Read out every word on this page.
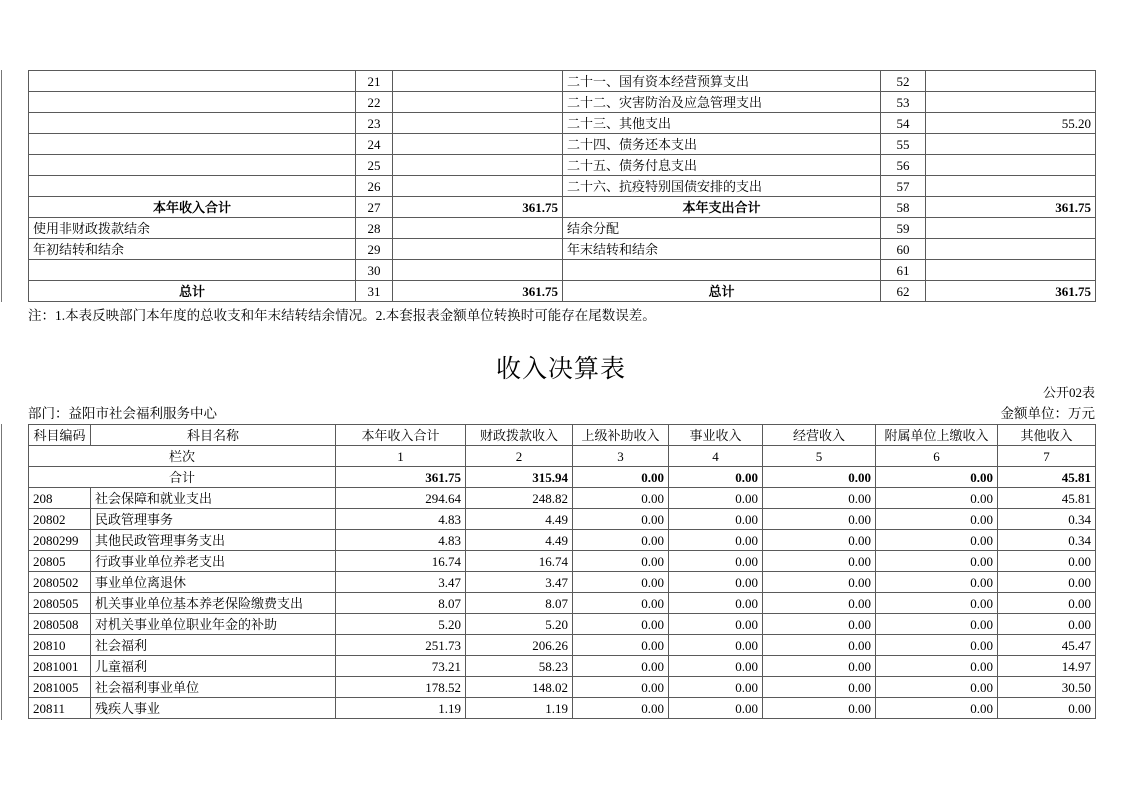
	21		二十一、国有资本经营预算支出	52	
	22		二十二、灾害防治及应急管理支出	53	
	23		二十三、其他支出	54	55.20
	24		二十四、债务还本支出	55	
	25		二十五、债务付息支出	56	
	26		二十六、抗疫特别国债安排的支出	57	
本年收入合计	27	361.75	本年支出合计	58	361.75
使用非财政拨款结余	28		结余分配	59	
年初结转和结余	29		年末结转和结余	60	
	30			61	
总计	31	361.75	总计	62	361.75
注：1.本表反映部门本年度的总收支和年末结转结余情况。2.本套报表金额单位转换时可能存在尾数误差。
收入决算表
公开02表
部门：益阳市社会福利服务中心	金额单位：万元
科目编码	科目名称	本年收入合计	财政拨款收入	上级补助收入	事业收入	经营收入	附属单位上缴收入	其他收入
栏次		1	2	3	4	5	6	7
合计		361.75	315.94	0.00	0.00	0.00	0.00	45.81
208	社会保障和就业支出	294.64	248.82	0.00	0.00	0.00	0.00	45.81
20802	民政管理事务	4.83	4.49	0.00	0.00	0.00	0.00	0.34
2080299	其他民政管理事务支出	4.83	4.49	0.00	0.00	0.00	0.00	0.34
20805	行政事业单位养老支出	16.74	16.74	0.00	0.00	0.00	0.00	0.00
2080502	事业单位离退休	3.47	3.47	0.00	0.00	0.00	0.00	0.00
2080505	机关事业单位基本养老保险缴费支出	8.07	8.07	0.00	0.00	0.00	0.00	0.00
2080508	对机关事业单位职业年金的补助	5.20	5.20	0.00	0.00	0.00	0.00	0.00
20810	社会福利	251.73	206.26	0.00	0.00	0.00	0.00	45.47
2081001	儿童福利	73.21	58.23	0.00	0.00	0.00	0.00	14.97
2081005	社会福利事业单位	178.52	148.02	0.00	0.00	0.00	0.00	30.50
20811	残疾人事业	1.19	1.19	0.00	0.00	0.00	0.00	0.00
